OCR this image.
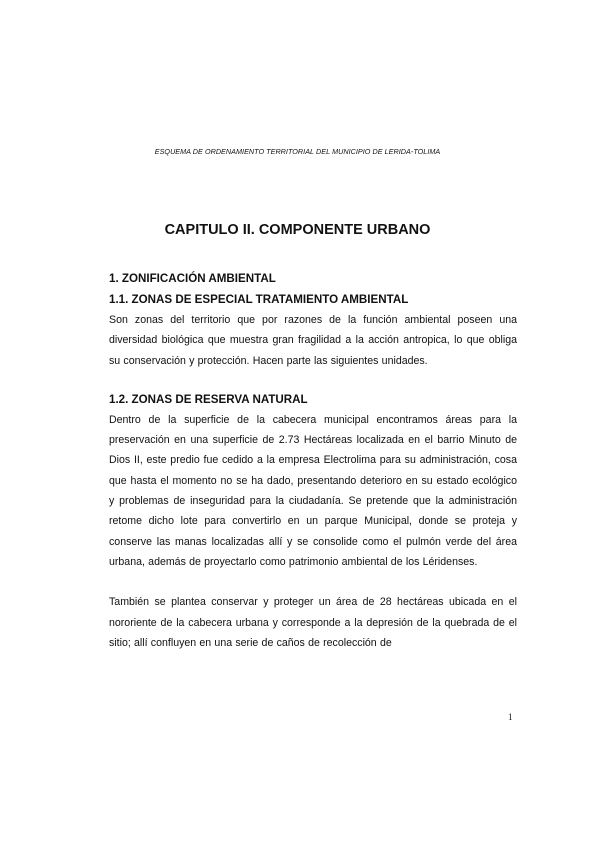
ESQUEMA DE ORDENAMIENTO TERRITORIAL DEL MUNICIPIO DE LERIDA-TOLIMA
CAPITULO II. COMPONENTE URBANO

1. ZONIFICACIÓN AMBIENTAL

1.1. ZONAS DE ESPECIAL TRATAMIENTO AMBIENTAL

Son zonas del territorio que por razones de la función ambiental poseen una diversidad biológica que muestra gran fragilidad a la acción antropica, lo que obliga su conservación y protección. Hacen parte las siguientes unidades.

1.2. ZONAS DE RESERVA NATURAL

Dentro de la superficie de la cabecera municipal encontramos áreas para la preservación en una superficie de 2.73 Hectáreas localizada en el barrio Minuto de Dios II, este predio fue cedido a la empresa Electrolima para su administración, cosa que hasta el momento no se ha dado, presentando deterioro en su estado ecológico y problemas de inseguridad para la ciudadanía. Se pretende que la administración retome dicho lote para convertirlo en un parque Municipal, donde se proteja y conserve las manas localizadas allí y se consolide como el pulmón verde del área urbana, además de proyectarlo como patrimonio ambiental de los Léridenses.

También se plantea conservar y proteger un área de 28 hectáreas ubicada en el nororiente de la cabecera urbana y corresponde a la depresión de la quebrada de el sitio; allí confluyen en una serie de caños de recolección de

1
